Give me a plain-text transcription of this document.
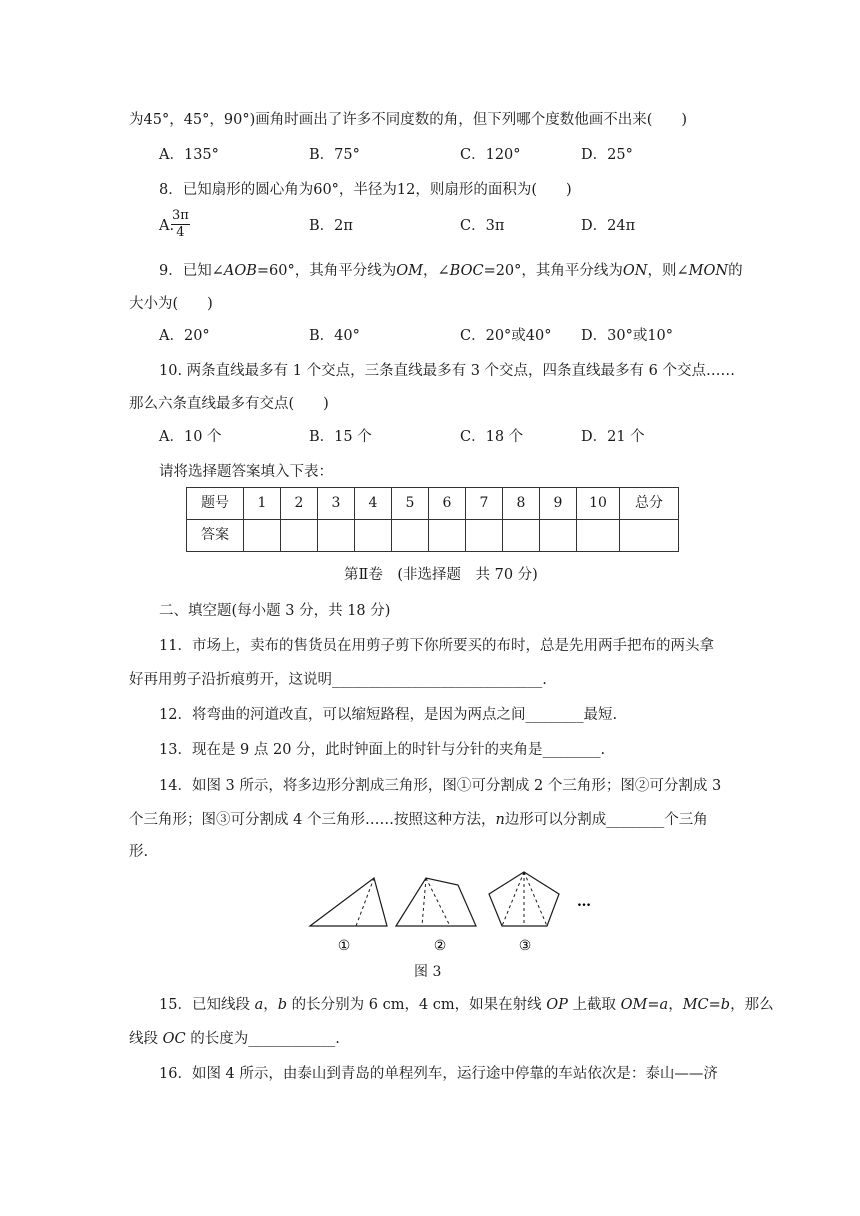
为45°，45°，90°)画角时画出了许多不同度数的角，但下列哪个度数他画不出来(　　)
A．135°	B．75°	C．120°	D．25°
8．已知扇形的圆心角为60°，半径为12，则扇形的面积为(　　)
A.
$\frac{3\pi}{4}$	B．2π	C．3π	D．24π
9．已知∠AOB=60°，其角平分线为OM，∠BOC=20°，其角平分线为ON，则∠MON的
大小为(　　)
A．20°	B．40°	C．20°或40° D．30°或10°
10. 两条直线最多有 1 个交点，三条直线最多有 3 个交点，四条直线最多有 6 个交点……
那么六条直线最多有交点(　　)
A．10 个	B．15 个	C．18 个	D．21 个
请将选择题答案填入下表：
题号	1	2	3	4	5	6	7	8	9	10	总分
答案											
第Ⅱ卷　(非选择题　共 70 分)
二、填空题(每小题 3 分，共 18 分)
11．市场上，卖布的售货员在用剪子剪下你所要买的布时，总是先用两手把布的两头拿
好再用剪子沿折痕剪开，这说明_____________________________.
12．将弯曲的河道改直，可以缩短路程，是因为两点之间________最短.
13．现在是 9 点 20 分，此时钟面上的时针与分针的夹角是________.
14．如图 3 所示，将多边形分割成三角形，图①可分割成 2 个三角形；图②可分割成 3
个三角形；图③可分割成 4 个三角形……按照这种方法，n边形可以分割成________个三角
形.
…
①	②	③
图 3
15．已知线段 a，b 的长分别为 6 cm，4 cm，如果在射线 OP 上截取 OM=a，MC=b，那么
线段 OC 的长度为____________.
16．如图 4 所示，由泰山到青岛的单程列车，运行途中停靠的车站依次是：泰山——济
